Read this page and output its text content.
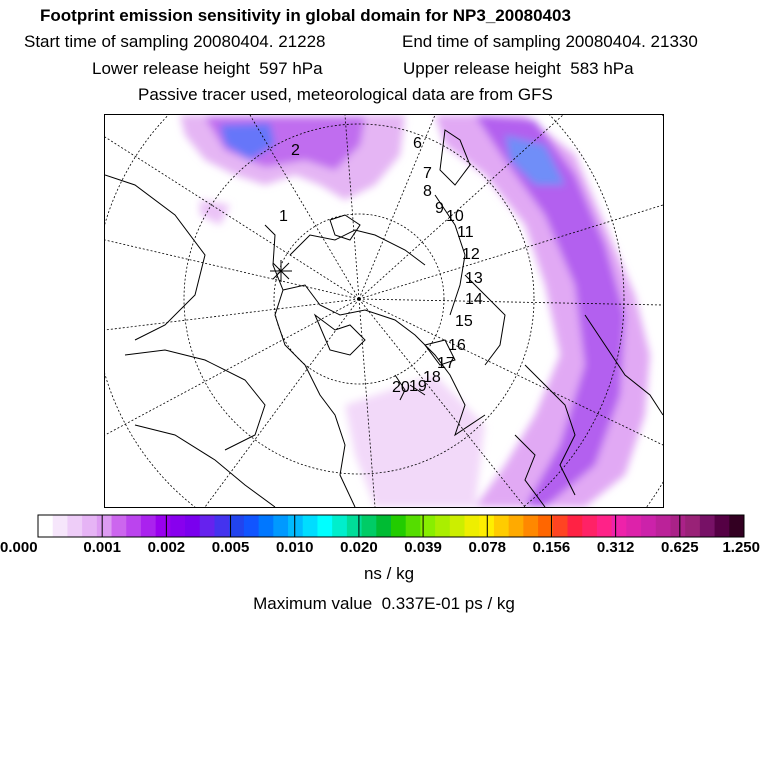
Footprint emission sensitivity in global domain for NP3_20080403
Start time of sampling 20080404. 21228	End time of sampling 20080404. 21330
Lower release height  597 hPa	Upper release height  583 hPa
Passive tracer used, meteorological data are from GFS
1
2	6
7
8
9 10
11
12
13
14
15
16
17
18
19
20
0.000	0.001 0.002 0.005 0.010 0.020 0.039 0.078 0.156 0.312 0.625 1.250
ns / kg
Maximum value  0.337E-01 ps / kg
